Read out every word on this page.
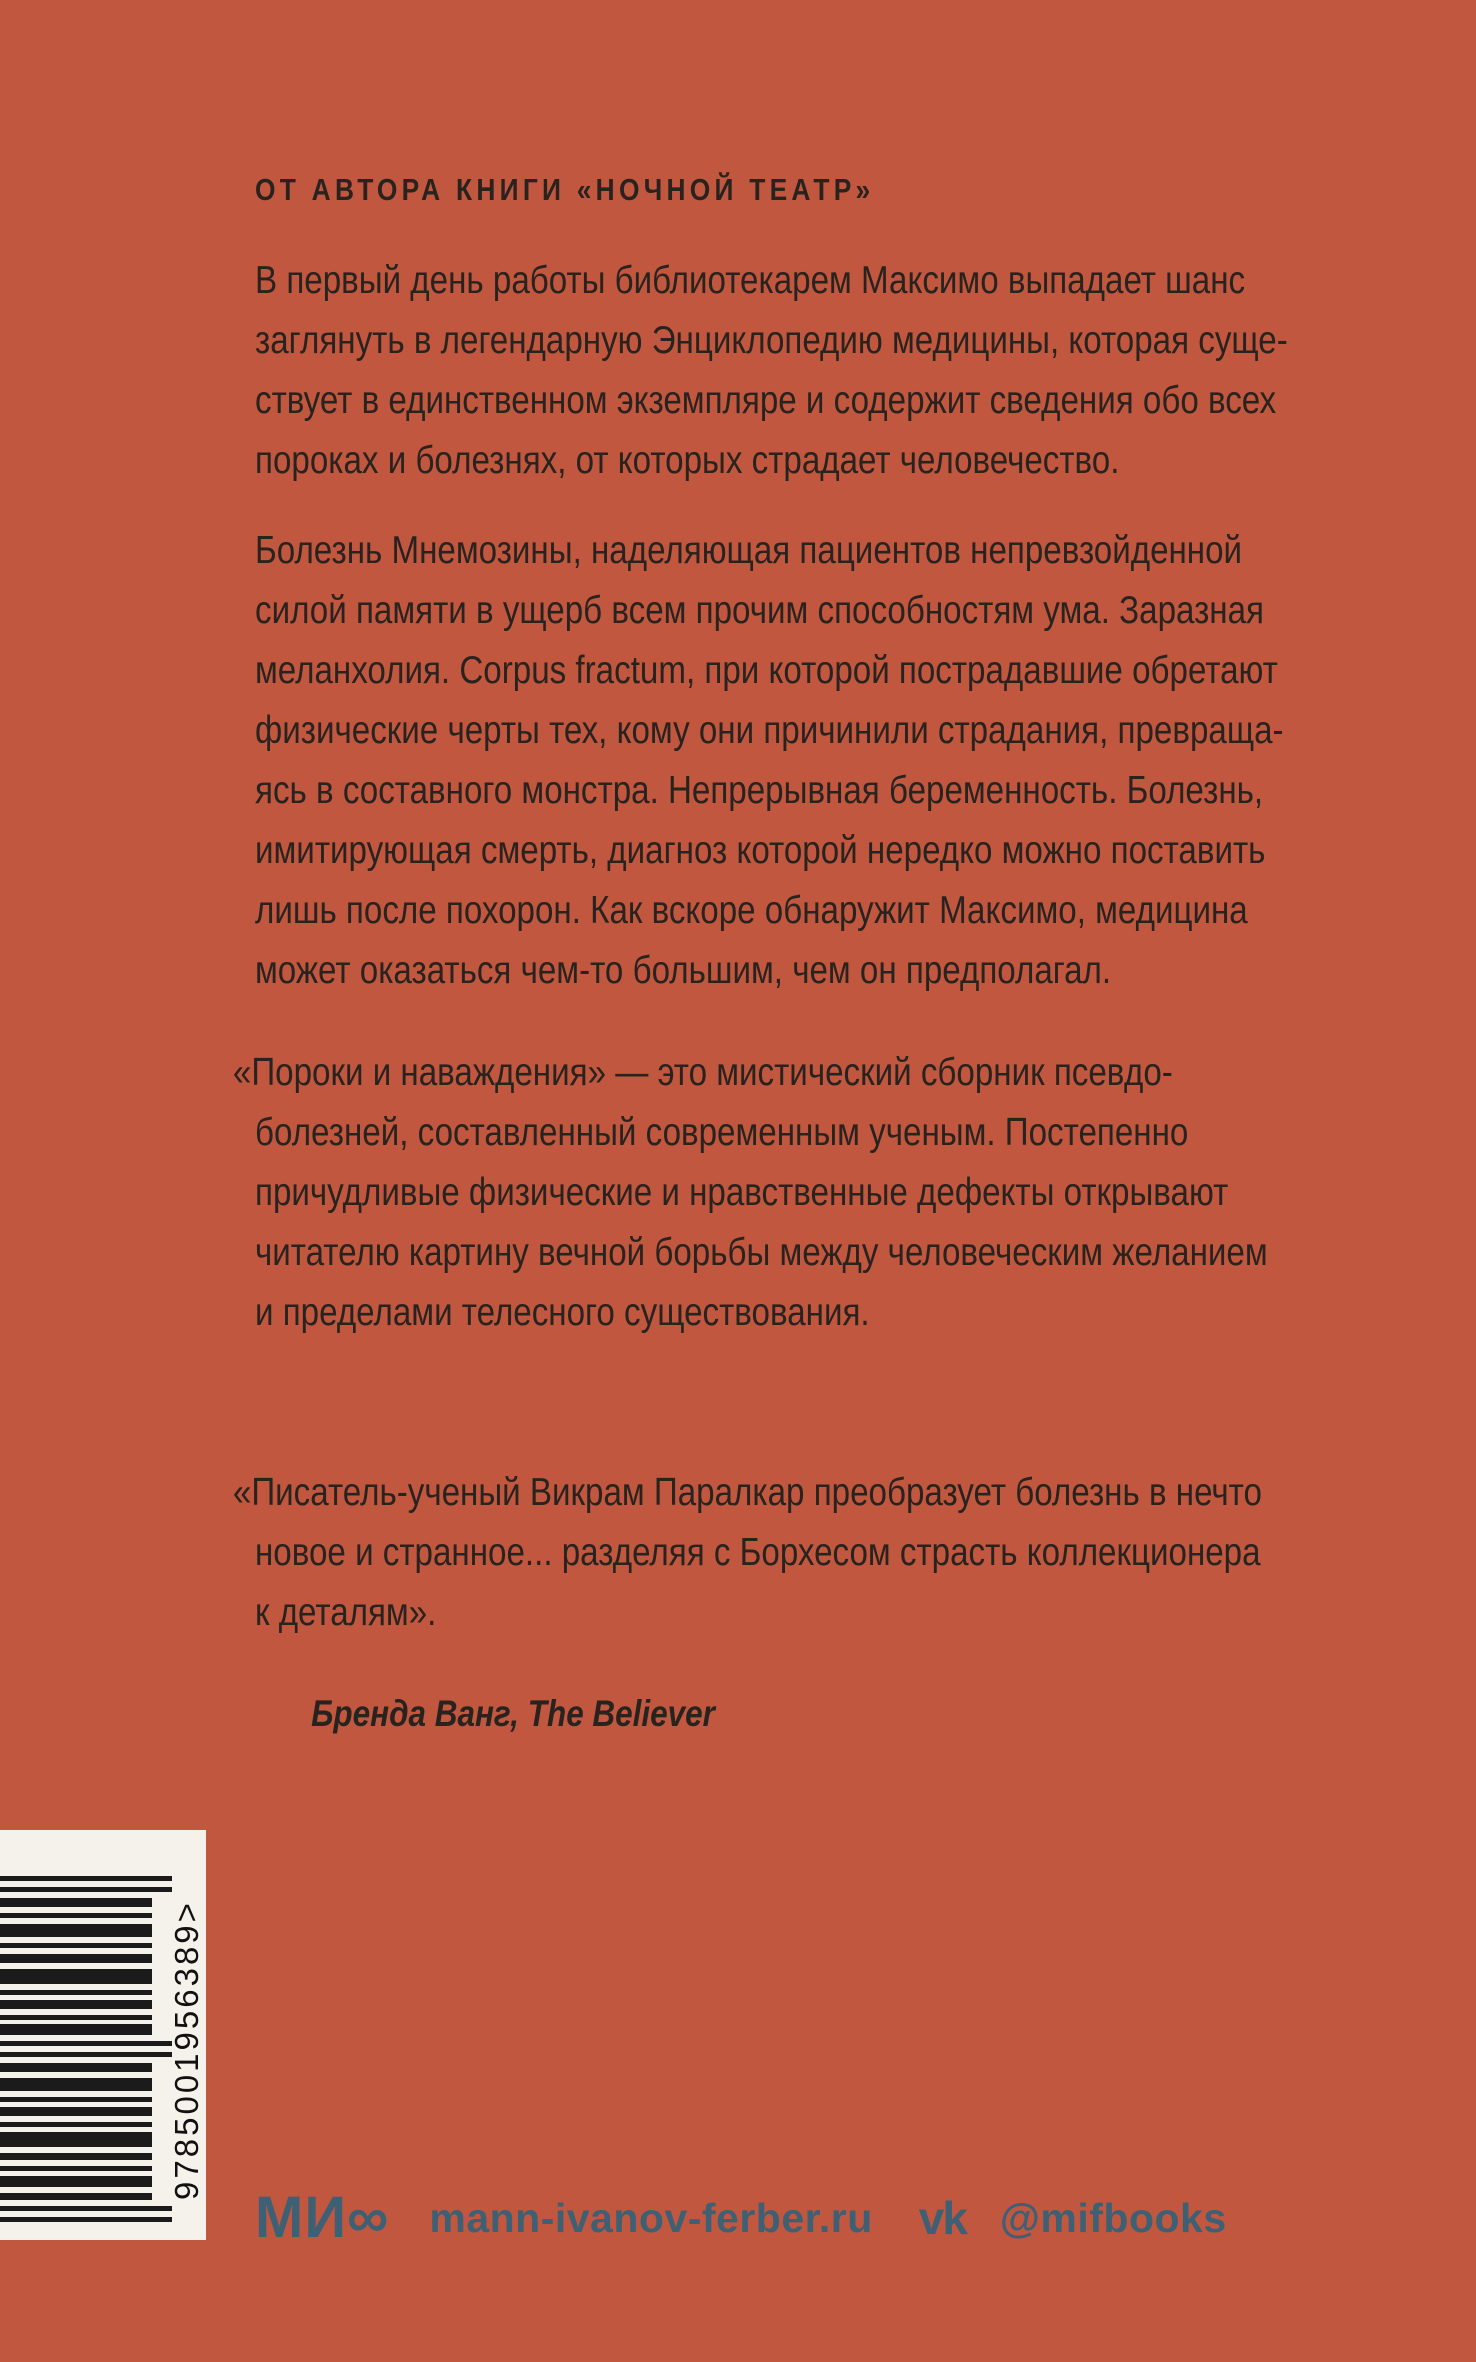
ОТ АВТОРА КНИГИ «НОЧНОЙ ТЕАТР»
В первый день работы библиотекарем Максимо выпадает шанс
заглянуть в легендарную Энциклопедию медицины, которая суще-
ствует в единственном экземпляре и содержит сведения обо всех
пороках и болезнях, от которых страдает человечество.
Болезнь Мнемозины, наделяющая пациентов непревзойденной
силой памяти в ущерб всем прочим способностям ума. Заразная
меланхолия. Corpus fractum, при которой пострадавшие обретают
физические черты тех, кому они причинили страдания, превраща-
ясь в составного монстра. Непрерывная беременность. Болезнь,
имитирующая смерть, диагноз которой нередко можно поставить
лишь после похорон. Как вскоре обнаружит Максимо, медицина
может оказаться чем-то большим, чем он предполагал.
«Пороки и наваждения» — это мистический сборник псевдо-
болезней, составленный современным ученым. Постепенно
причудливые физические и нравственные дефекты открывают
читателю картину вечной борьбы между человеческим желанием
и пределами телесного существования.
«Писатель-ученый Викрам Паралкар преобразует болезнь в нечто
новое и странное... разделяя с Борхесом страсть коллекционера
к деталям».
Бренда Ванг, The Believer
9785001956389>
МИ∞ mann-ivanov-ferber.ru vk @mifbooks
